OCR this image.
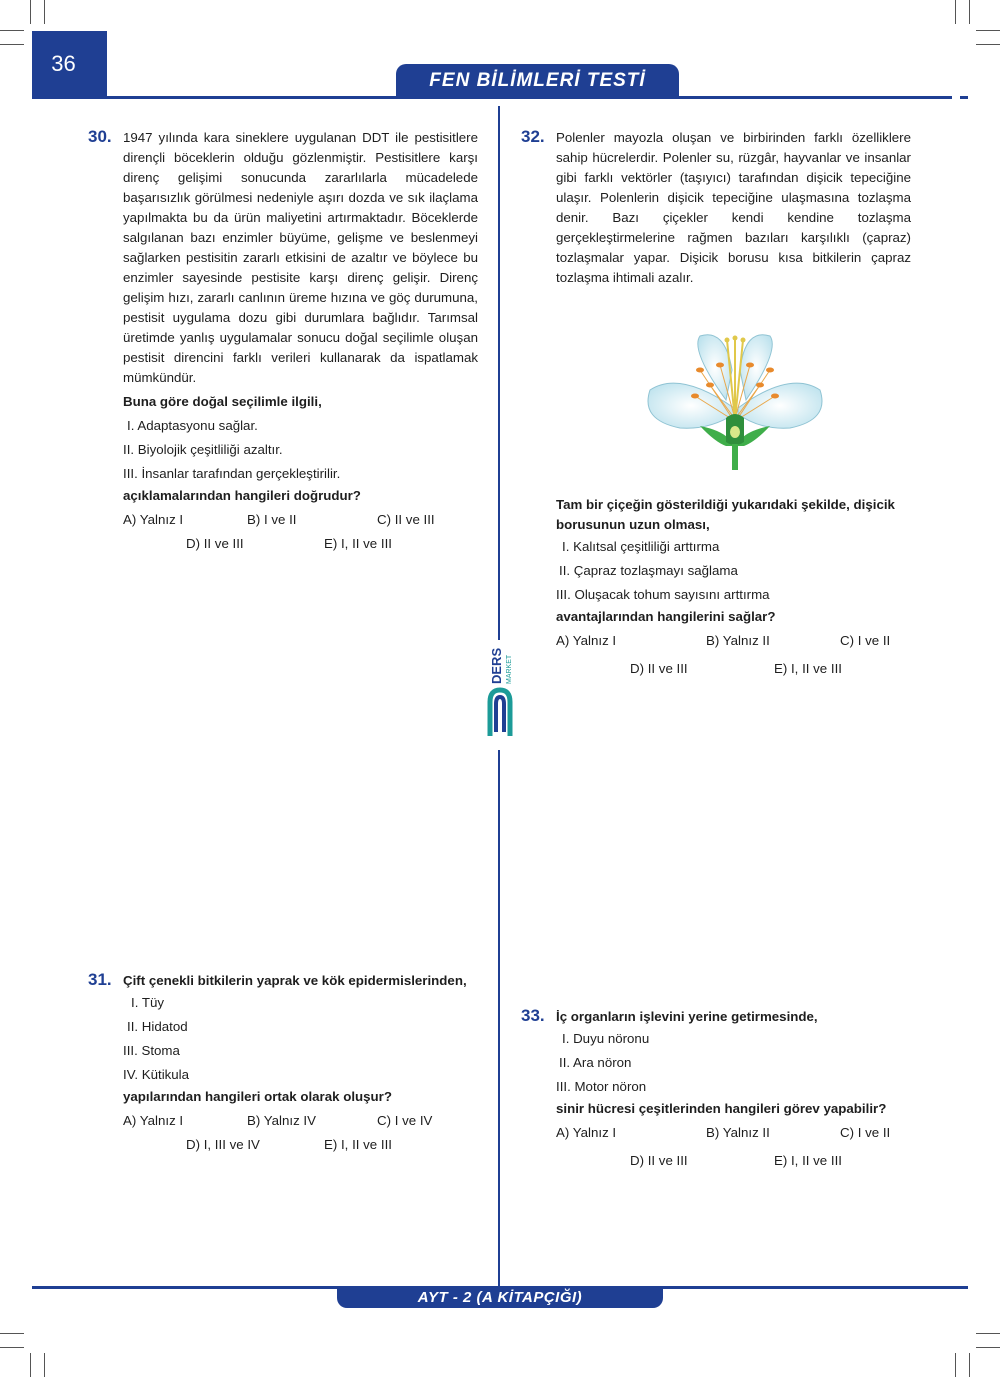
36
FEN BİLİMLERİ TESTİ
DERS MARKET
30. 1947 yılında kara sineklere uygulanan DDT ile pestisitlere dirençli böceklerin olduğu gözlenmiştir. Pestisitlere karşı direnç gelişimi sonucunda zararlılarla mücadelede başarısızlık görülmesi nedeniyle aşırı dozda ve sık ilaçlama yapılmakta bu da ürün maliyetini artırmaktadır. Böceklerde salgılanan bazı enzimler büyüme, gelişme ve beslenmeyi sağlarken pestisitin zararlı etkisini de azaltır ve böylece bu enzimler sayesinde pestisite karşı direnç gelişir. Direnç gelişim hızı, zararlı canlının üreme hızına ve göç durumuna, pestisit uygulama dozu gibi durumlara bağlıdır. Tarımsal üretimde yanlış uygulamalar sonucu doğal seçilimle oluşan pestisit direncini farklı verileri kullanarak da ispatlamak mümkündür.
Buna göre doğal seçilimle ilgili,
I. Adaptasyonu sağlar.
II. Biyolojik çeşitliliği azaltır.
III. İnsanlar tarafından gerçekleştirilir.
açıklamalarından hangileri doğrudur?
A) Yalnız I	B) I ve II	C) II ve III
D) II ve III	E) I, II ve III
31. Çift çenekli bitkilerin yaprak ve kök epidermislerinden,
I. Tüy
II. Hidatod
III. Stoma
IV. Kütikula
yapılarından hangileri ortak olarak oluşur?
A) Yalnız I	B) Yalnız IV	C) I ve IV
D) I, III ve IV	E) I, II ve III
32. Polenler mayozla oluşan ve birbirinden farklı özelliklere sahip hücrelerdir. Polenler su, rüzgâr, hayvanlar ve insanlar gibi farklı vektörler (taşıyıcı) tarafından dişicik tepeciğine ulaşır. Polenlerin dişicik tepeciğine ulaşmasına tozlaşma denir. Bazı çiçekler kendi kendine tozlaşma gerçekleştirmelerine rağmen bazıları karşılıklı (çapraz) tozlaşmalar yapar. Dişicik borusu kısa bitkilerin çapraz tozlaşma ihtimali azalır.
Tam bir çiçeğin gösterildiği yukarıdaki şekilde, dişicik borusunun uzun olması,
I. Kalıtsal çeşitliliği arttırma
II. Çapraz tozlaşmayı sağlama
III. Oluşacak tohum sayısını arttırma
avantajlarından hangilerini sağlar?
A) Yalnız I	B) Yalnız II	C) I ve II
D) II ve III	E) I, II ve III
33. İç organların işlevini yerine getirmesinde,
I. Duyu nöronu
II. Ara nöron
III. Motor nöron
sinir hücresi çeşitlerinden hangileri görev yapabilir?
A) Yalnız I	B) Yalnız II	C) I ve II
D) II ve III	E) I, II ve III
AYT - 2 (A KİTAPÇIĞI)
